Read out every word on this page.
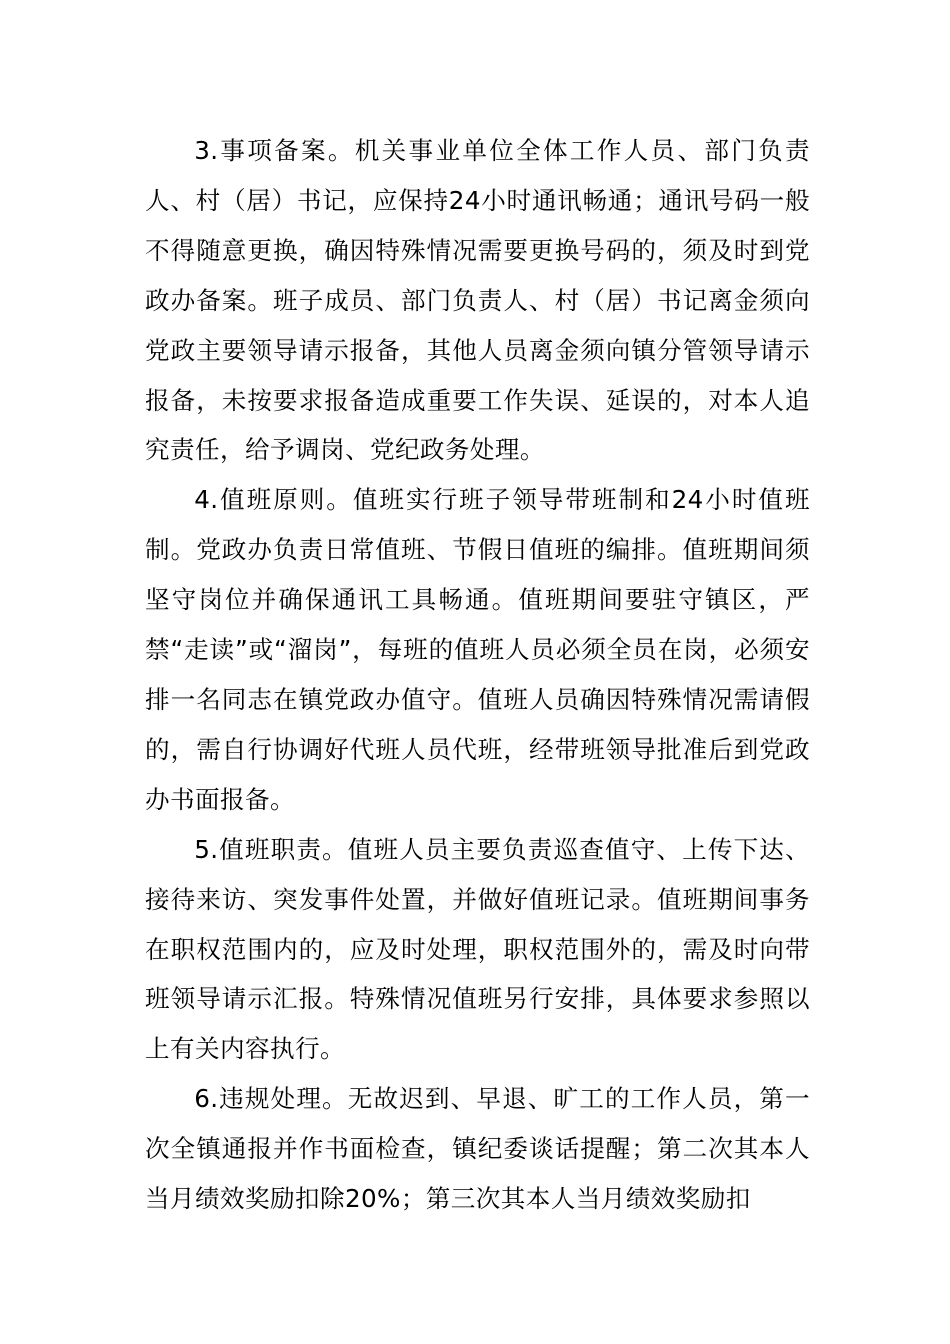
3.事项备案。机关事业单位全体工作人员、部门负责人、村（居）书记，应保持24小时通讯畅通；通讯号码一般不得随意更换，确因特殊情况需要更换号码的，须及时到党政办备案。班子成员、部门负责人、村（居）书记离金须向党政主要领导请示报备，其他人员离金须向镇分管领导请示报备，未按要求报备造成重要工作失误、延误的，对本人追究责任，给予调岗、党纪政务处理。

4.值班原则。值班实行班子领导带班制和24小时值班制。党政办负责日常值班、节假日值班的编排。值班期间须坚守岗位并确保通讯工具畅通。值班期间要驻守镇区，严禁“走读”或“溜岗”，每班的值班人员必须全员在岗，必须安排一名同志在镇党政办值守。值班人员确因特殊情况需请假的，需自行协调好代班人员代班，经带班领导批准后到党政办书面报备。

5.值班职责。值班人员主要负责巡查值守、上传下达、接待来访、突发事件处置，并做好值班记录。值班期间事务在职权范围内的，应及时处理，职权范围外的，需及时向带班领导请示汇报。特殊情况值班另行安排，具体要求参照以上有关内容执行。

6.违规处理。无故迟到、早退、旷工的工作人员，第一次全镇通报并作书面检查，镇纪委谈话提醒；第二次其本人当月绩效奖励扣除20%；第三次其本人当月绩效奖励扣
